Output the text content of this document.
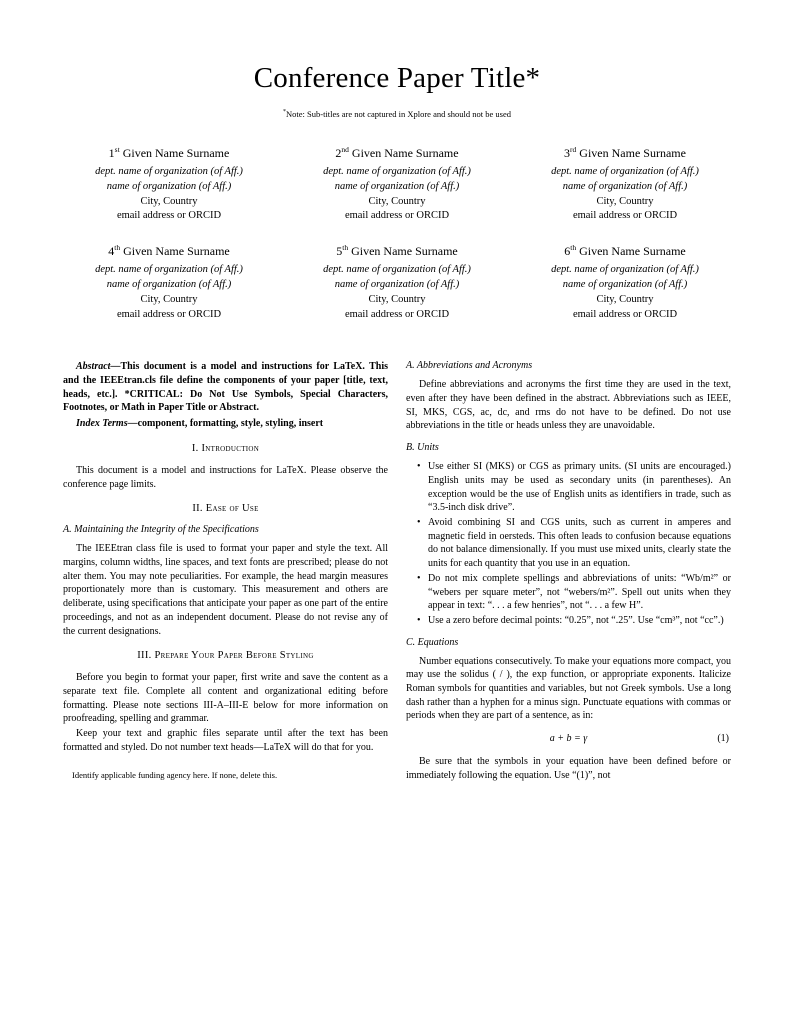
Conference Paper Title*
*Note: Sub-titles are not captured in Xplore and should not be used
1st Given Name Surname
dept. name of organization (of Aff.)
name of organization (of Aff.)
City, Country
email address or ORCID
2nd Given Name Surname
dept. name of organization (of Aff.)
name of organization (of Aff.)
City, Country
email address or ORCID
3rd Given Name Surname
dept. name of organization (of Aff.)
name of organization (of Aff.)
City, Country
email address or ORCID
4th Given Name Surname
dept. name of organization (of Aff.)
name of organization (of Aff.)
City, Country
email address or ORCID
5th Given Name Surname
dept. name of organization (of Aff.)
name of organization (of Aff.)
City, Country
email address or ORCID
6th Given Name Surname
dept. name of organization (of Aff.)
name of organization (of Aff.)
City, Country
email address or ORCID

Abstract—This document is a model and instructions for LaTeX. This and the IEEEtran.cls file define the components of your paper [title, text, heads, etc.]. *CRITICAL: Do Not Use Symbols, Special Characters, Footnotes, or Math in Paper Title or Abstract.

Index Terms—component, formatting, style, styling, insert

I. Introduction

This document is a model and instructions for LaTeX. Please observe the conference page limits.

II. Ease of Use
A. Maintaining the Integrity of the Specifications

The IEEEtran class file is used to format your paper and style the text. All margins, column widths, line spaces, and text fonts are prescribed; please do not alter them. You may note peculiarities. For example, the head margin measures proportionately more than is customary. This measurement and others are deliberate, using specifications that anticipate your paper as one part of the entire proceedings, and not as an independent document. Please do not revise any of the current designations.

III. Prepare Your Paper Before Styling

Before you begin to format your paper, first write and save the content as a separate text file. Complete all content and organizational editing before formatting. Please note sections III-A–III-E below for more information on proofreading, spelling and grammar.

Keep your text and graphic files separate until after the text has been formatted and styled. Do not number text heads—LaTeX will do that for you.

Identify applicable funding agency here. If none, delete this.
A. Abbreviations and Acronyms

Define abbreviations and acronyms the first time they are used in the text, even after they have been defined in the abstract. Abbreviations such as IEEE, SI, MKS, CGS, ac, dc, and rms do not have to be defined. Do not use abbreviations in the title or heads unless they are unavoidable.

B. Units
• Use either SI (MKS) or CGS as primary units. (SI units are encouraged.) English units may be used as secondary units (in parentheses). An exception would be the use of English units as identifiers in trade, such as “3.5-inch disk drive”.
• Avoid combining SI and CGS units, such as current in amperes and magnetic field in oersteds. This often leads to confusion because equations do not balance dimensionally. If you must use mixed units, clearly state the units for each quantity that you use in an equation.
• Do not mix complete spellings and abbreviations of units: “Wb/m²” or “webers per square meter”, not “webers/m²”. Spell out units when they appear in text: “. . . a few henries”, not “. . . a few H”.
• Use a zero before decimal points: “0.25”, not “.25”. Use “cm³”, not “cc”.)
C. Equations

Number equations consecutively. To make your equations more compact, you may use the solidus ( / ), the exp function, or appropriate exponents. Italicize Roman symbols for quantities and variables, but not Greek symbols. Use a long dash rather than a hyphen for a minus sign. Punctuate equations with commas or periods when they are part of a sentence, as in:

a + b = γ	(1)

Be sure that the symbols in your equation have been defined before or immediately following the equation. Use “(1)”, not
